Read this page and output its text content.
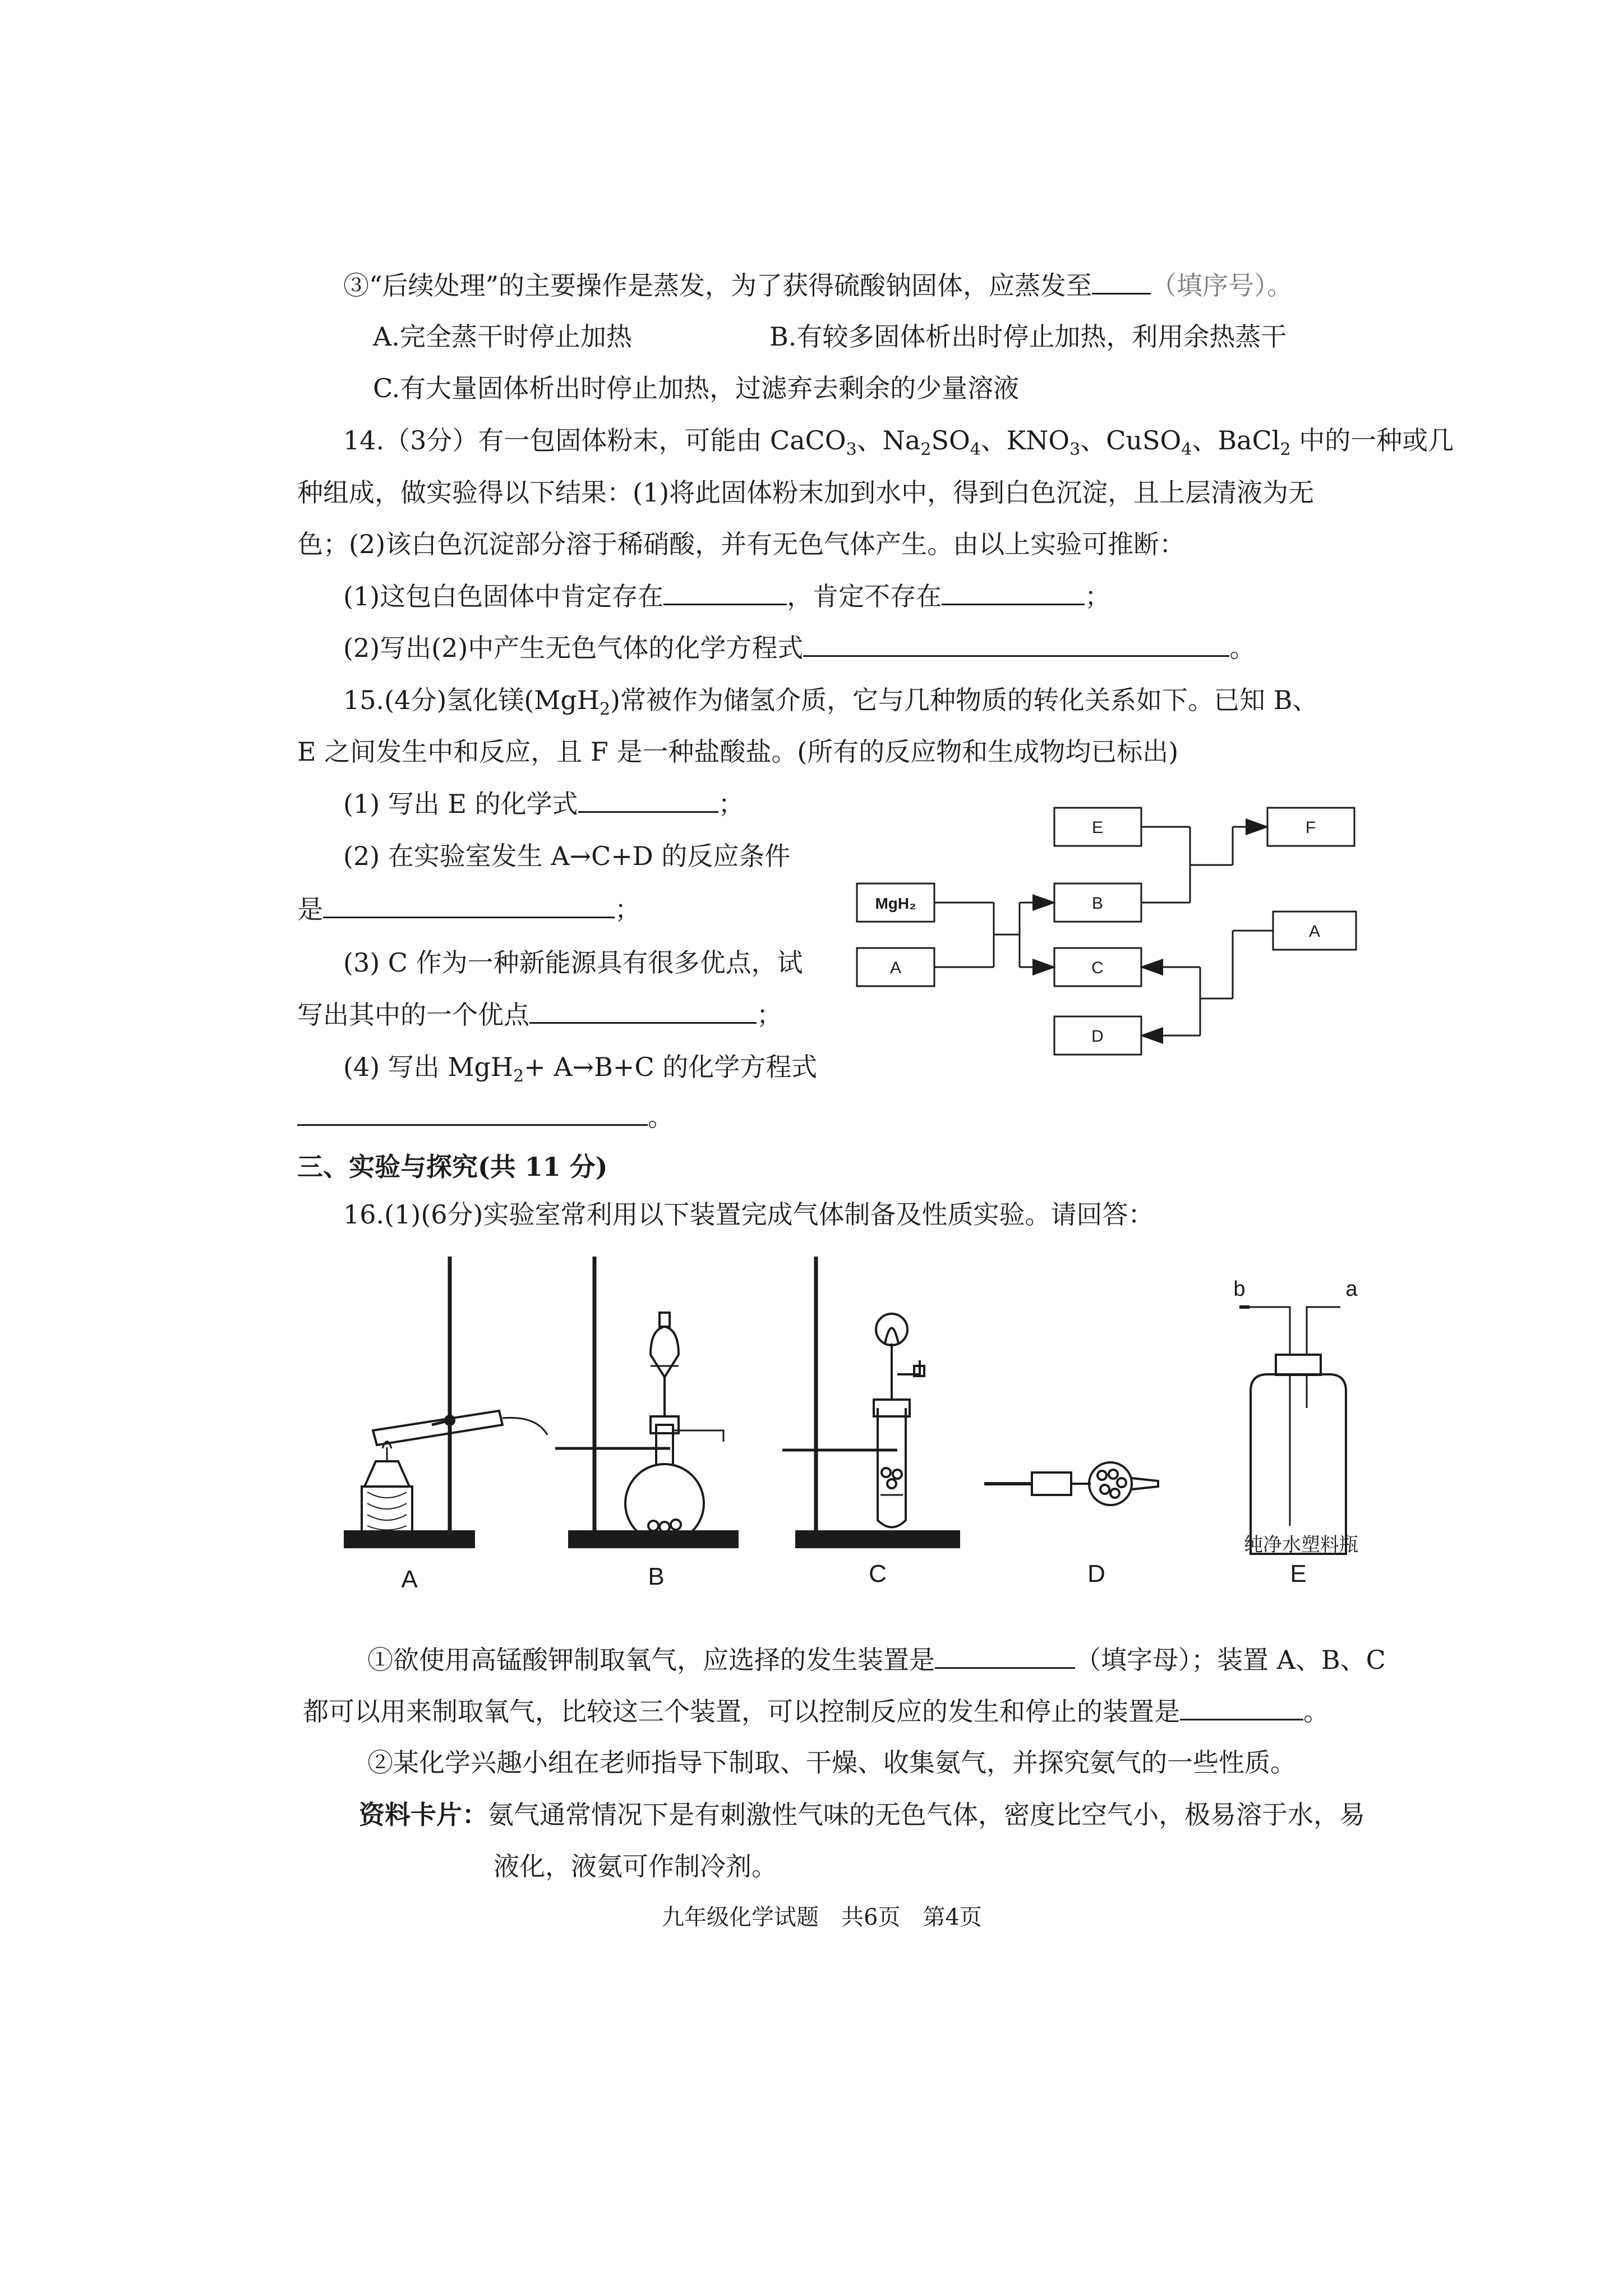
③“后续处理”的主要操作是蒸发，为了获得硫酸钠固体，应蒸发至 （填序号）。
A.完全蒸干时停止加热	B.有较多固体析出时停止加热，利用余热蒸干
C.有大量固体析出时停止加热，过滤弃去剩余的少量溶液
14.（3分）有一包固体粉末，可能由 CaCO$_3$、$Na_2SO_4$、$KNO_3$、CuSO$_4$、BaCl$_2$ 中的一种或几
种组成，做实验得以下结果：(1)将此固体粉末加到水中，得到白色沉淀，且上层清液为无
色；(2)该白色沉淀部分溶于稀硝酸，并有无色气体产生。由以上实验可推断：
(1)这包白色固体中肯定存在	，肯定不存在	；
(2)写出(2)中产生无色气体的化学方程式	。
15.(4分)氢化镁(MgH$_2$)常被作为储氢介质，它与几种物质的转化关系如下。已知 B、
E 之间发生中和反应，且 F 是一种盐酸盐。(所有的反应物和生成物均已标出)
(1) 写出 E 的化学式	；
(2) 在实验室发生 A→C+D 的反应条件
是	；
(3) C 作为一种新能源具有很多优点，试
写出其中的一个优点	；
(4) 写出 MgH$_2$+ A→B+C 的化学方程式
。
E	F
MgH₂	B
A
A	C
D
三、实验与探究(共 11 分)
16.(1)(6分)实验室常利用以下装置完成气体制备及性质实验。请回答：
A	B	C	D	E
b	a
纯净水塑料瓶
①欲使用高锰酸钾制取氧气，应选择的发生装置是	（填字母）；装置 A、B、C
都可以用来制取氧气，比较这三个装置，可以控制反应的发生和停止的装置是	。
②某化学兴趣小组在老师指导下制取、干燥、收集氨气，并探究氨气的一些性质。
资料卡片：氨气通常情况下是有刺激性气味的无色气体，密度比空气小，极易溶于水，易
液化，液氨可作制冷剂。
九年级化学试题　共6页　第4页
